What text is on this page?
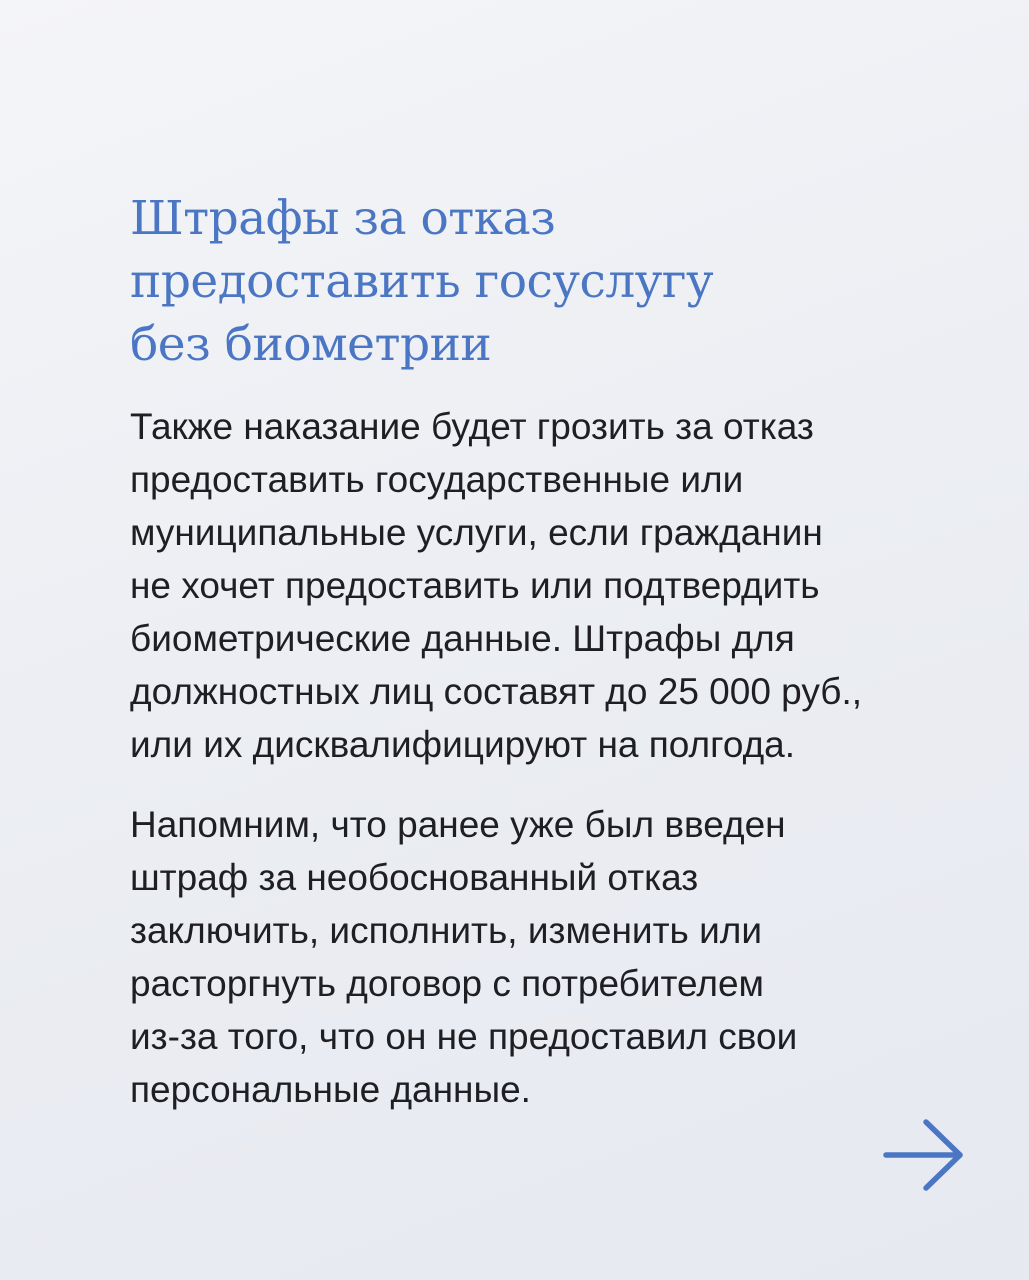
Штрафы за отказ
предоставить госуслугу
без биометрии

Также наказание будет грозить за отказ
предоставить государственные или
муниципальные услуги, если гражданин
не хочет предоставить или подтвердить
биометрические данные. Штрафы для
должностных лиц составят до 25 000 руб.,
или их дисквалифицируют на полгода.

Напомним, что ранее уже был введен
штраф за необоснованный отказ
заключить, исполнить, изменить или
расторгнуть договор с потребителем
из-за того, что он не предоставил свои
персональные данные.
